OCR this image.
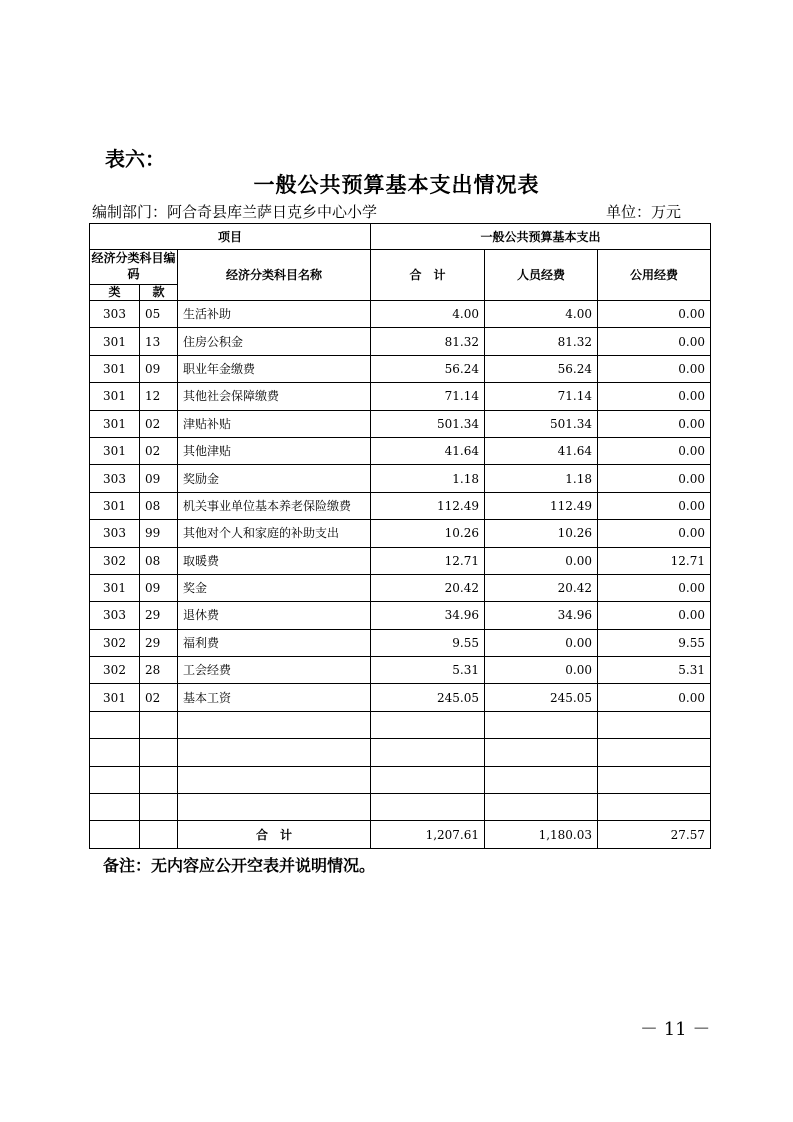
表六：
一般公共预算基本支出情况表
编制部门：阿合奇县库兰萨日克乡中心小学	单位：万元
项目			一般公共预算基本支出		

经济分类科目编码
类 款		经济分类科目名称	合　计	人员经费	公用经费
303	05	生活补助	4.00	4.00	0.00
301	13	住房公积金	81.32	81.32	0.00
301	09	职业年金缴费	56.24	56.24	0.00
301	12	其他社会保障缴费	71.14	71.14	0.00
301	02	津贴补贴	501.34	501.34	0.00
301	02	其他津贴	41.64	41.64	0.00
303	09	奖励金	1.18	1.18	0.00
301	08	机关事业单位基本养老保险缴费	112.49	112.49	0.00
303	99	其他对个人和家庭的补助支出	10.26	10.26	0.00
302	08	取暖费	12.71	0.00	12.71
301	09	奖金	20.42	20.42	0.00
303	29	退休费	34.96	34.96	0.00
302	29	福利费	9.55	0.00	9.55
302	28	工会经费	5.31	0.00	5.31
301	02	基本工资	245.05	245.05	0.00

		合　计	1,207.61	1,180.03	27.57
备注：无内容应公开空表并说明情况。
－ 11 －
